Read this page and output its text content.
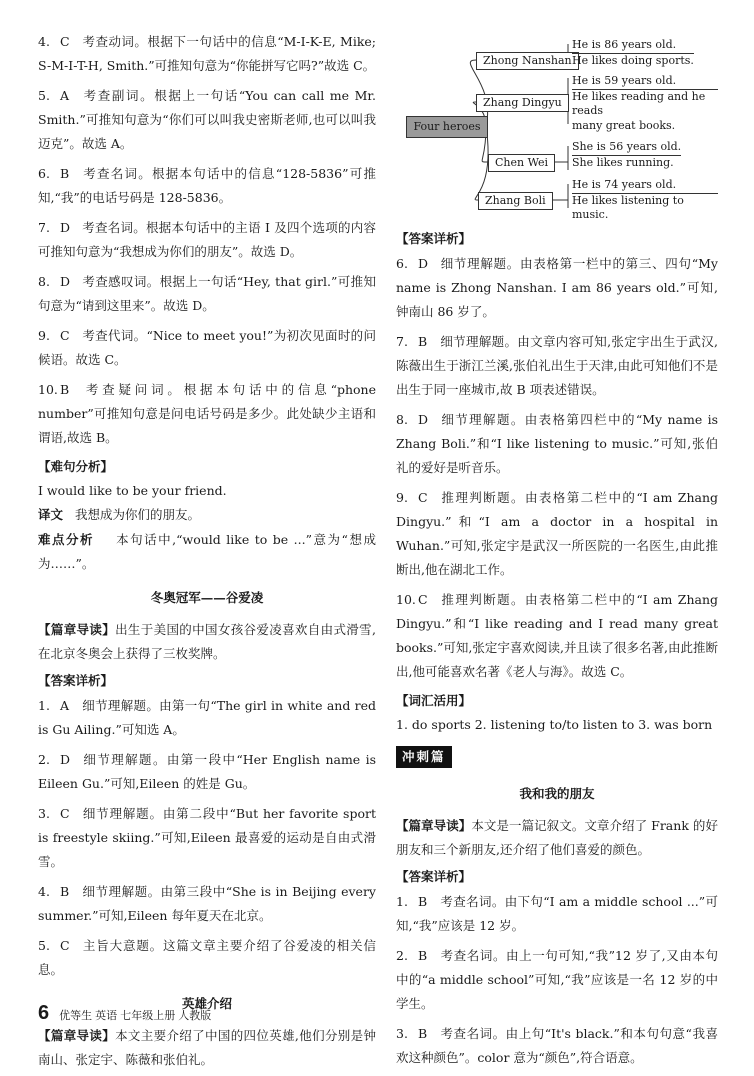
4. C 考查动词。根据下一句话中的信息“M-I-K-E, Mike; S-M-I-T-H, Smith.”可推知句意为“你能拼写它吗?”故选 C。
5. A 考查副词。根据上一句话“You can call me Mr. Smith.”可推知句意为“你们可以叫我史密斯老师,也可以叫我迈克”。故选 A。
6. B 考查名词。根据本句话中的信息“128-5836”可推知,“我”的电话号码是 128-5836。
7. D 考查名词。根据本句话中的主语 I 及四个选项的内容可推知句意为“我想成为你们的朋友”。故选 D。
8. D 考查感叹词。根据上一句话“Hey, that girl.”可推知句意为“请到这里来”。故选 D。
9. C 考查代词。“Nice to meet you!”为初次见面时的问候语。故选 C。
10. B 考查疑问词。根据本句话中的信息“phone number”可推知句意是问电话号码是多少。此处缺少主语和谓语,故选 B。
【难句分析】
I would like to be your friend.
译文 我想成为你们的朋友。
难点分析 本句话中,“would like to be ...”意为“想成为……”。
冬奥冠军——谷爱凌
【篇章导读】出生于美国的中国女孩谷爱凌喜欢自由式滑雪,在北京冬奥会上获得了三枚奖牌。
【答案详析】
1. A 细节理解题。由第一句“The girl in white and red is Gu Ailing.”可知选 A。
2. D 细节理解题。由第一段中“Her English name is Eileen Gu.”可知,Eileen 的姓是 Gu。
3. C 细节理解题。由第二段中“But her favorite sport is freestyle skiing.”可知,Eileen 最喜爱的运动是自由式滑雪。
4. B 细节理解题。由第三段中“She is in Beijing every summer.”可知,Eileen 每年夏天在北京。
5. C 主旨大意题。这篇文章主要介绍了谷爱凌的相关信息。
英雄介绍
【篇章导读】本文主要介绍了中国的四位英雄,他们分别是钟南山、张定宇、陈薇和张伯礼。
Four heroes
Zhong Nanshan
He is 86 years old.
He likes doing sports.
Zhang Dingyu
He is 59 years old.
He likes reading and he reads
many great books.
Chen Wei
She is 56 years old.
She likes running.
Zhang Boli
He is 74 years old.
He likes listening to music.
【答案详析】
6. D 细节理解题。由表格第一栏中的第三、四句“My name is Zhong Nanshan. I am 86 years old.”可知,钟南山 86 岁了。
7. B 细节理解题。由文章内容可知,张定宇出生于武汉,陈薇出生于浙江兰溪,张伯礼出生于天津,由此可知他们不是出生于同一座城市,故 B 项表述错误。
8. D 细节理解题。由表格第四栏中的“My name is Zhang Boli.”和“I like listening to music.”可知,张伯礼的爱好是听音乐。
9. C 推理判断题。由表格第二栏中的“I am Zhang Dingyu.”和“I am a doctor in a hospital in Wuhan.”可知,张定宇是武汉一所医院的一名医生,由此推断出,他在湖北工作。
10. C 推理判断题。由表格第二栏中的“I am Zhang Dingyu.”和“I like reading and I read many great books.”可知,张定宇喜欢阅读,并且读了很多名著,由此推断出,他可能喜欢名著《老人与海》。故选 C。
【词汇活用】
1. do sports 2. listening to/to listen to 3. was born
冲刺篇
我和我的朋友
【篇章导读】本文是一篇记叙文。文章介绍了 Frank 的好朋友和三个新朋友,还介绍了他们喜爱的颜色。
【答案详析】
1. B 考查名词。由下句“I am a middle school ...”可知,“我”应该是 12 岁。
2. B 考查名词。由上一句可知,“我”12 岁了,又由本句中的“a middle school”可知,“我”应该是一名 12 岁的中学生。
3. B 考查名词。由上句“It's black.”和本句句意“我喜欢这种颜色”。color 意为“颜色”,符合语意。
6 优等生 英语 七年级上册 人教版
